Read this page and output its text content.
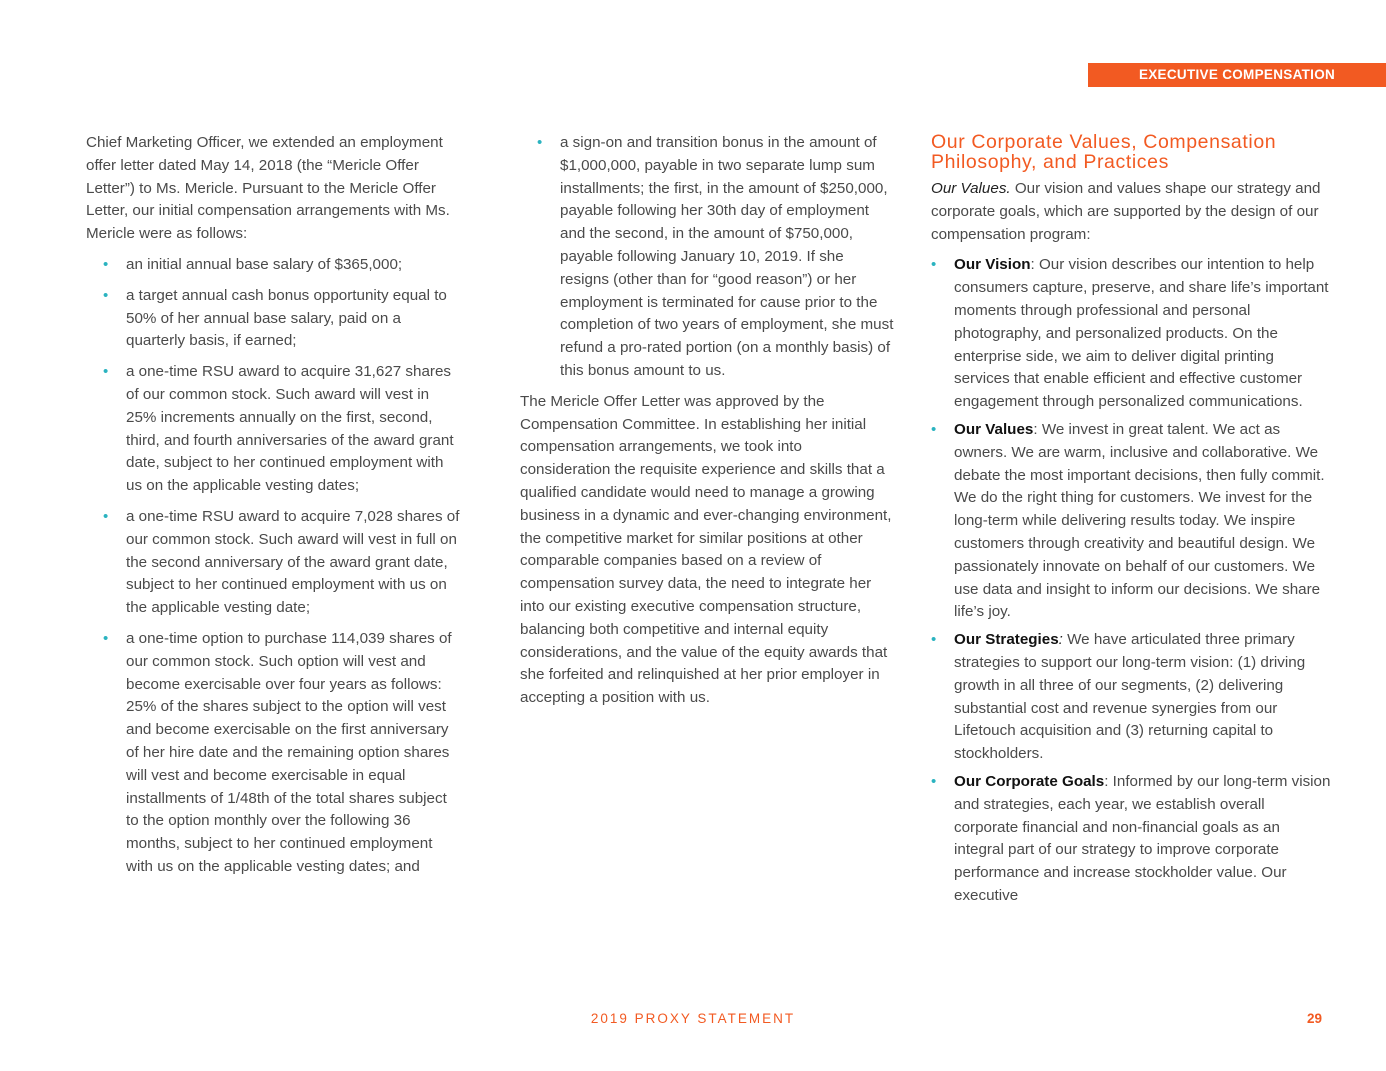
EXECUTIVE COMPENSATION

Chief Marketing Officer, we extended an employment offer letter dated May 14, 2018 (the “Mericle Offer Letter”) to Ms. Mericle. Pursuant to the Mericle Offer Letter, our initial compensation arrangements with Ms. Mericle were as follows:

• an initial annual base salary of $365,000;
• a target annual cash bonus opportunity equal to 50% of her annual base salary, paid on a quarterly basis, if earned;
• a one-time RSU award to acquire 31,627 shares of our common stock. Such award will vest in 25% increments annually on the first, second, third, and fourth anniversaries of the award grant date, subject to her continued employment with us on the applicable vesting dates;
• a one-time RSU award to acquire 7,028 shares of our common stock. Such award will vest in full on the second anniversary of the award grant date, subject to her continued employment with us on the applicable vesting date;
• a one-time option to purchase 114,039 shares of our common stock. Such option will vest and become exercisable over four years as follows: 25% of the shares subject to the option will vest and become exercisable on the first anniversary of her hire date and the remaining option shares will vest and become exercisable in equal installments of 1/48th of the total shares subject to the option monthly over the following 36 months, subject to her continued employment with us on the applicable vesting dates; and
• a sign-on and transition bonus in the amount of $1,000,000, payable in two separate lump sum installments; the first, in the amount of $250,000, payable following her 30th day of employment and the second, in the amount of $750,000, payable following January 10, 2019. If she resigns (other than for “good reason”) or her employment is terminated for cause prior to the completion of two years of employment, she must refund a pro-rated portion (on a monthly basis) of this bonus amount to us.

The Mericle Offer Letter was approved by the Compensation Committee. In establishing her initial compensation arrangements, we took into consideration the requisite experience and skills that a qualified candidate would need to manage a growing business in a dynamic and ever-changing environment, the competitive market for similar positions at other comparable companies based on a review of compensation survey data, the need to integrate her into our existing executive compensation structure, balancing both competitive and internal equity considerations, and the value of the equity awards that she forfeited and relinquished at her prior employer in accepting a position with us.

Our Corporate Values, Compensation Philosophy, and Practices

Our Values. Our vision and values shape our strategy and corporate goals, which are supported by the design of our compensation program:

• Our Vision: Our vision describes our intention to help consumers capture, preserve, and share life’s important moments through professional and personal photography, and personalized products. On the enterprise side, we aim to deliver digital printing services that enable efficient and effective customer engagement through personalized communications.
• Our Values: We invest in great talent. We act as owners. We are warm, inclusive and collaborative. We debate the most important decisions, then fully commit. We do the right thing for customers. We invest for the long-term while delivering results today. We inspire customers through creativity and beautiful design. We passionately innovate on behalf of our customers. We use data and insight to inform our decisions. We share life’s joy.
• Our Strategies: We have articulated three primary strategies to support our long-term vision: (1) driving growth in all three of our segments, (2) delivering substantial cost and revenue synergies from our Lifetouch acquisition and (3) returning capital to stockholders.
• Our Corporate Goals: Informed by our long-term vision and strategies, each year, we establish overall corporate financial and non-financial goals as an integral part of our strategy to improve corporate performance and increase stockholder value. Our executive
2019 PROXY STATEMENT	29
